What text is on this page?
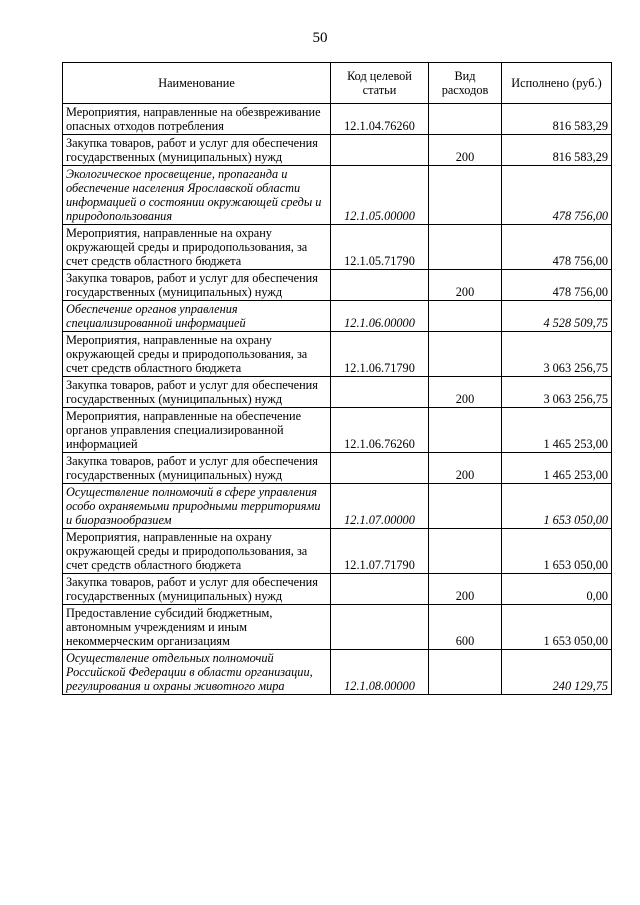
50
Наименование	Код целевой статьи	Вид расходов	Исполнено (руб.)
Мероприятия, направленные на обезвреживание опасных отходов потребления	12.1.04.76260		816 583,29
Закупка товаров, работ и услуг для обеспечения государственных (муниципальных) нужд		200	816 583,29
Экологическое просвещение, пропаганда и обеспечение населения Ярославской области информацией о состоянии окружающей среды и природопользования	12.1.05.00000		478 756,00
Мероприятия, направленные на охрану окружающей среды и природопользования, за счет средств областного бюджета	12.1.05.71790		478 756,00
Закупка товаров, работ и услуг для обеспечения государственных (муниципальных) нужд		200	478 756,00
Обеспечение органов управления специализированной информацией	12.1.06.00000		4 528 509,75
Мероприятия, направленные на охрану окружающей среды и природопользования, за счет средств областного бюджета	12.1.06.71790		3 063 256,75
Закупка товаров, работ и услуг для обеспечения государственных (муниципальных) нужд		200	3 063 256,75
Мероприятия, направленные на обеспечение органов управления специализированной информацией	12.1.06.76260		1 465 253,00
Закупка товаров, работ и услуг для обеспечения государственных (муниципальных) нужд		200	1 465 253,00
Осуществление полномочий в сфере управления особо охраняемыми природными территориями и биоразнообразием	12.1.07.00000		1 653 050,00
Мероприятия, направленные на охрану окружающей среды и природопользования, за счет средств областного бюджета	12.1.07.71790		1 653 050,00
Закупка товаров, работ и услуг для обеспечения государственных (муниципальных) нужд		200	0,00
Предоставление субсидий бюджетным, автономным учреждениям и иным некоммерческим организациям		600	1 653 050,00
Осуществление отдельных полномочий Российской Федерации в области организации, регулирования и охраны животного мира	12.1.08.00000		240 129,75
